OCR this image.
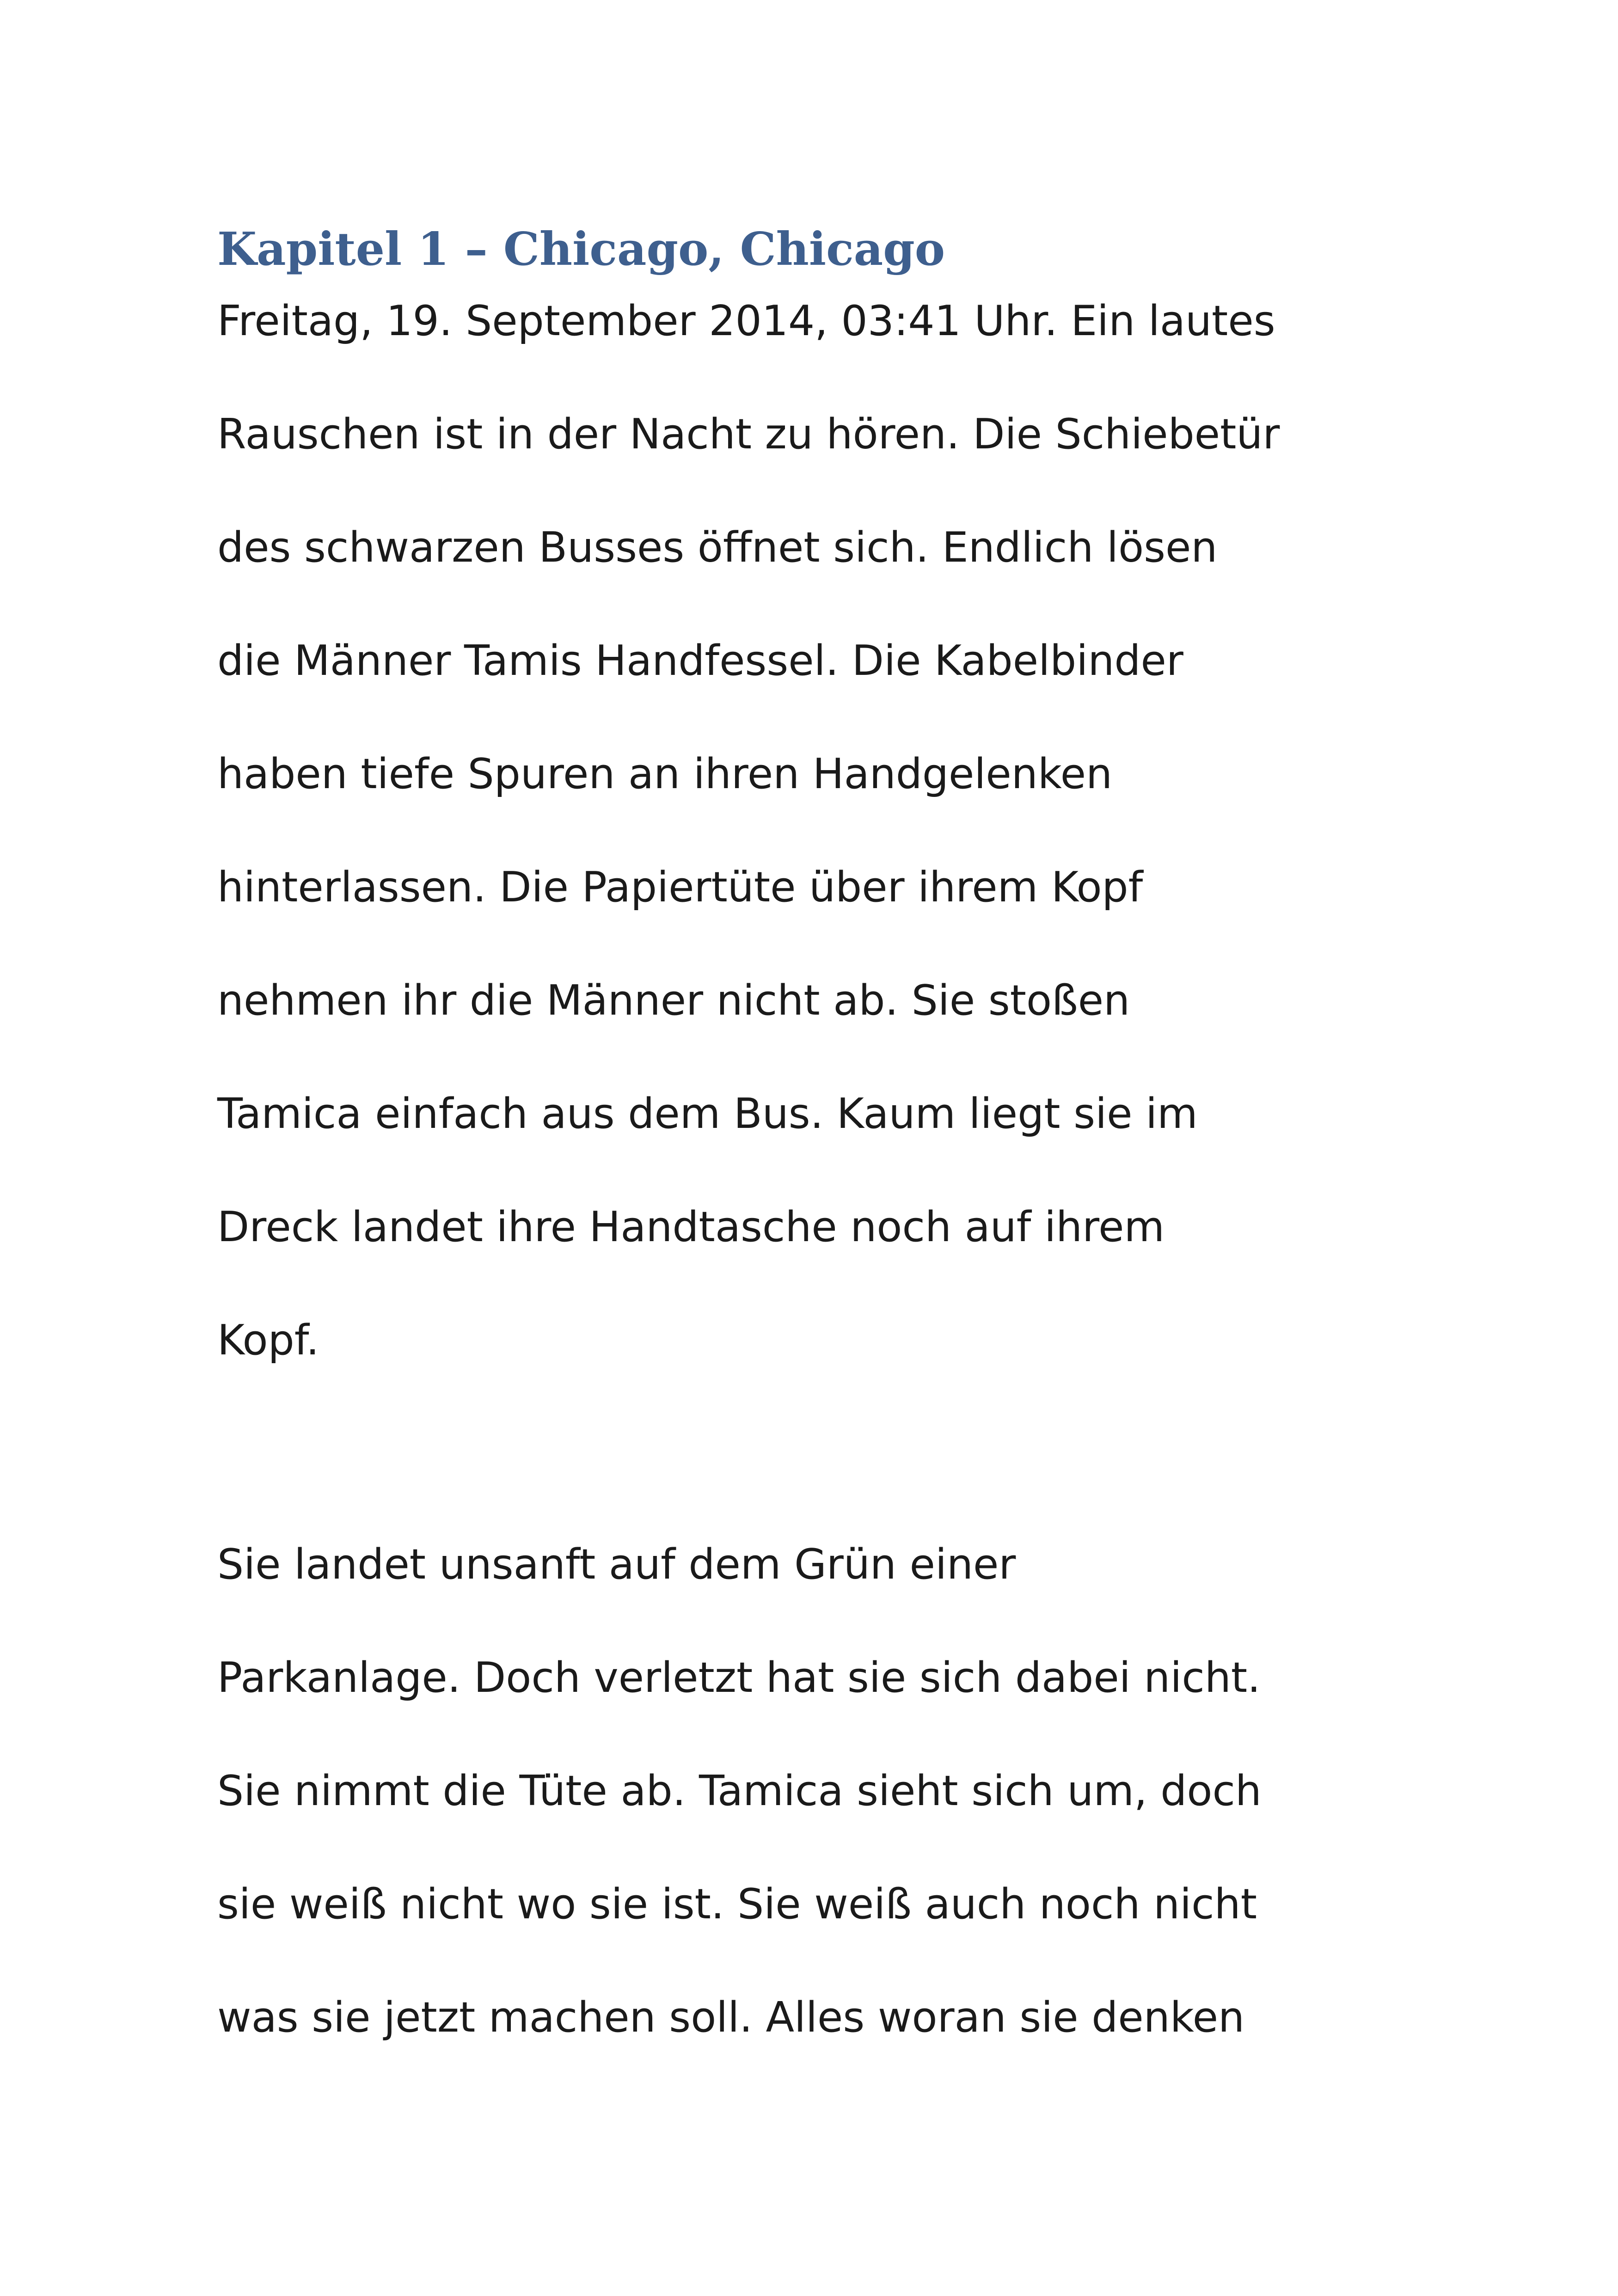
Kapitel 1 – Chicago, Chicago

Freitag, 19. September 2014, 03:41 Uhr. Ein lautes

Rauschen ist in der Nacht zu hören. Die Schiebetür

des schwarzen Busses öffnet sich. Endlich lösen

die Männer Tamis Handfessel. Die Kabelbinder

haben tiefe Spuren an ihren Handgelenken

hinterlassen. Die Papiertüte über ihrem Kopf

nehmen ihr die Männer nicht ab. Sie stoßen

Tamica einfach aus dem Bus. Kaum liegt sie im

Dreck landet ihre Handtasche noch auf ihrem

Kopf.

Sie landet unsanft auf dem Grün einer

Parkanlage. Doch verletzt hat sie sich dabei nicht.

Sie nimmt die Tüte ab. Tamica sieht sich um, doch

sie weiß nicht wo sie ist. Sie weiß auch noch nicht

was sie jetzt machen soll. Alles woran sie denken
